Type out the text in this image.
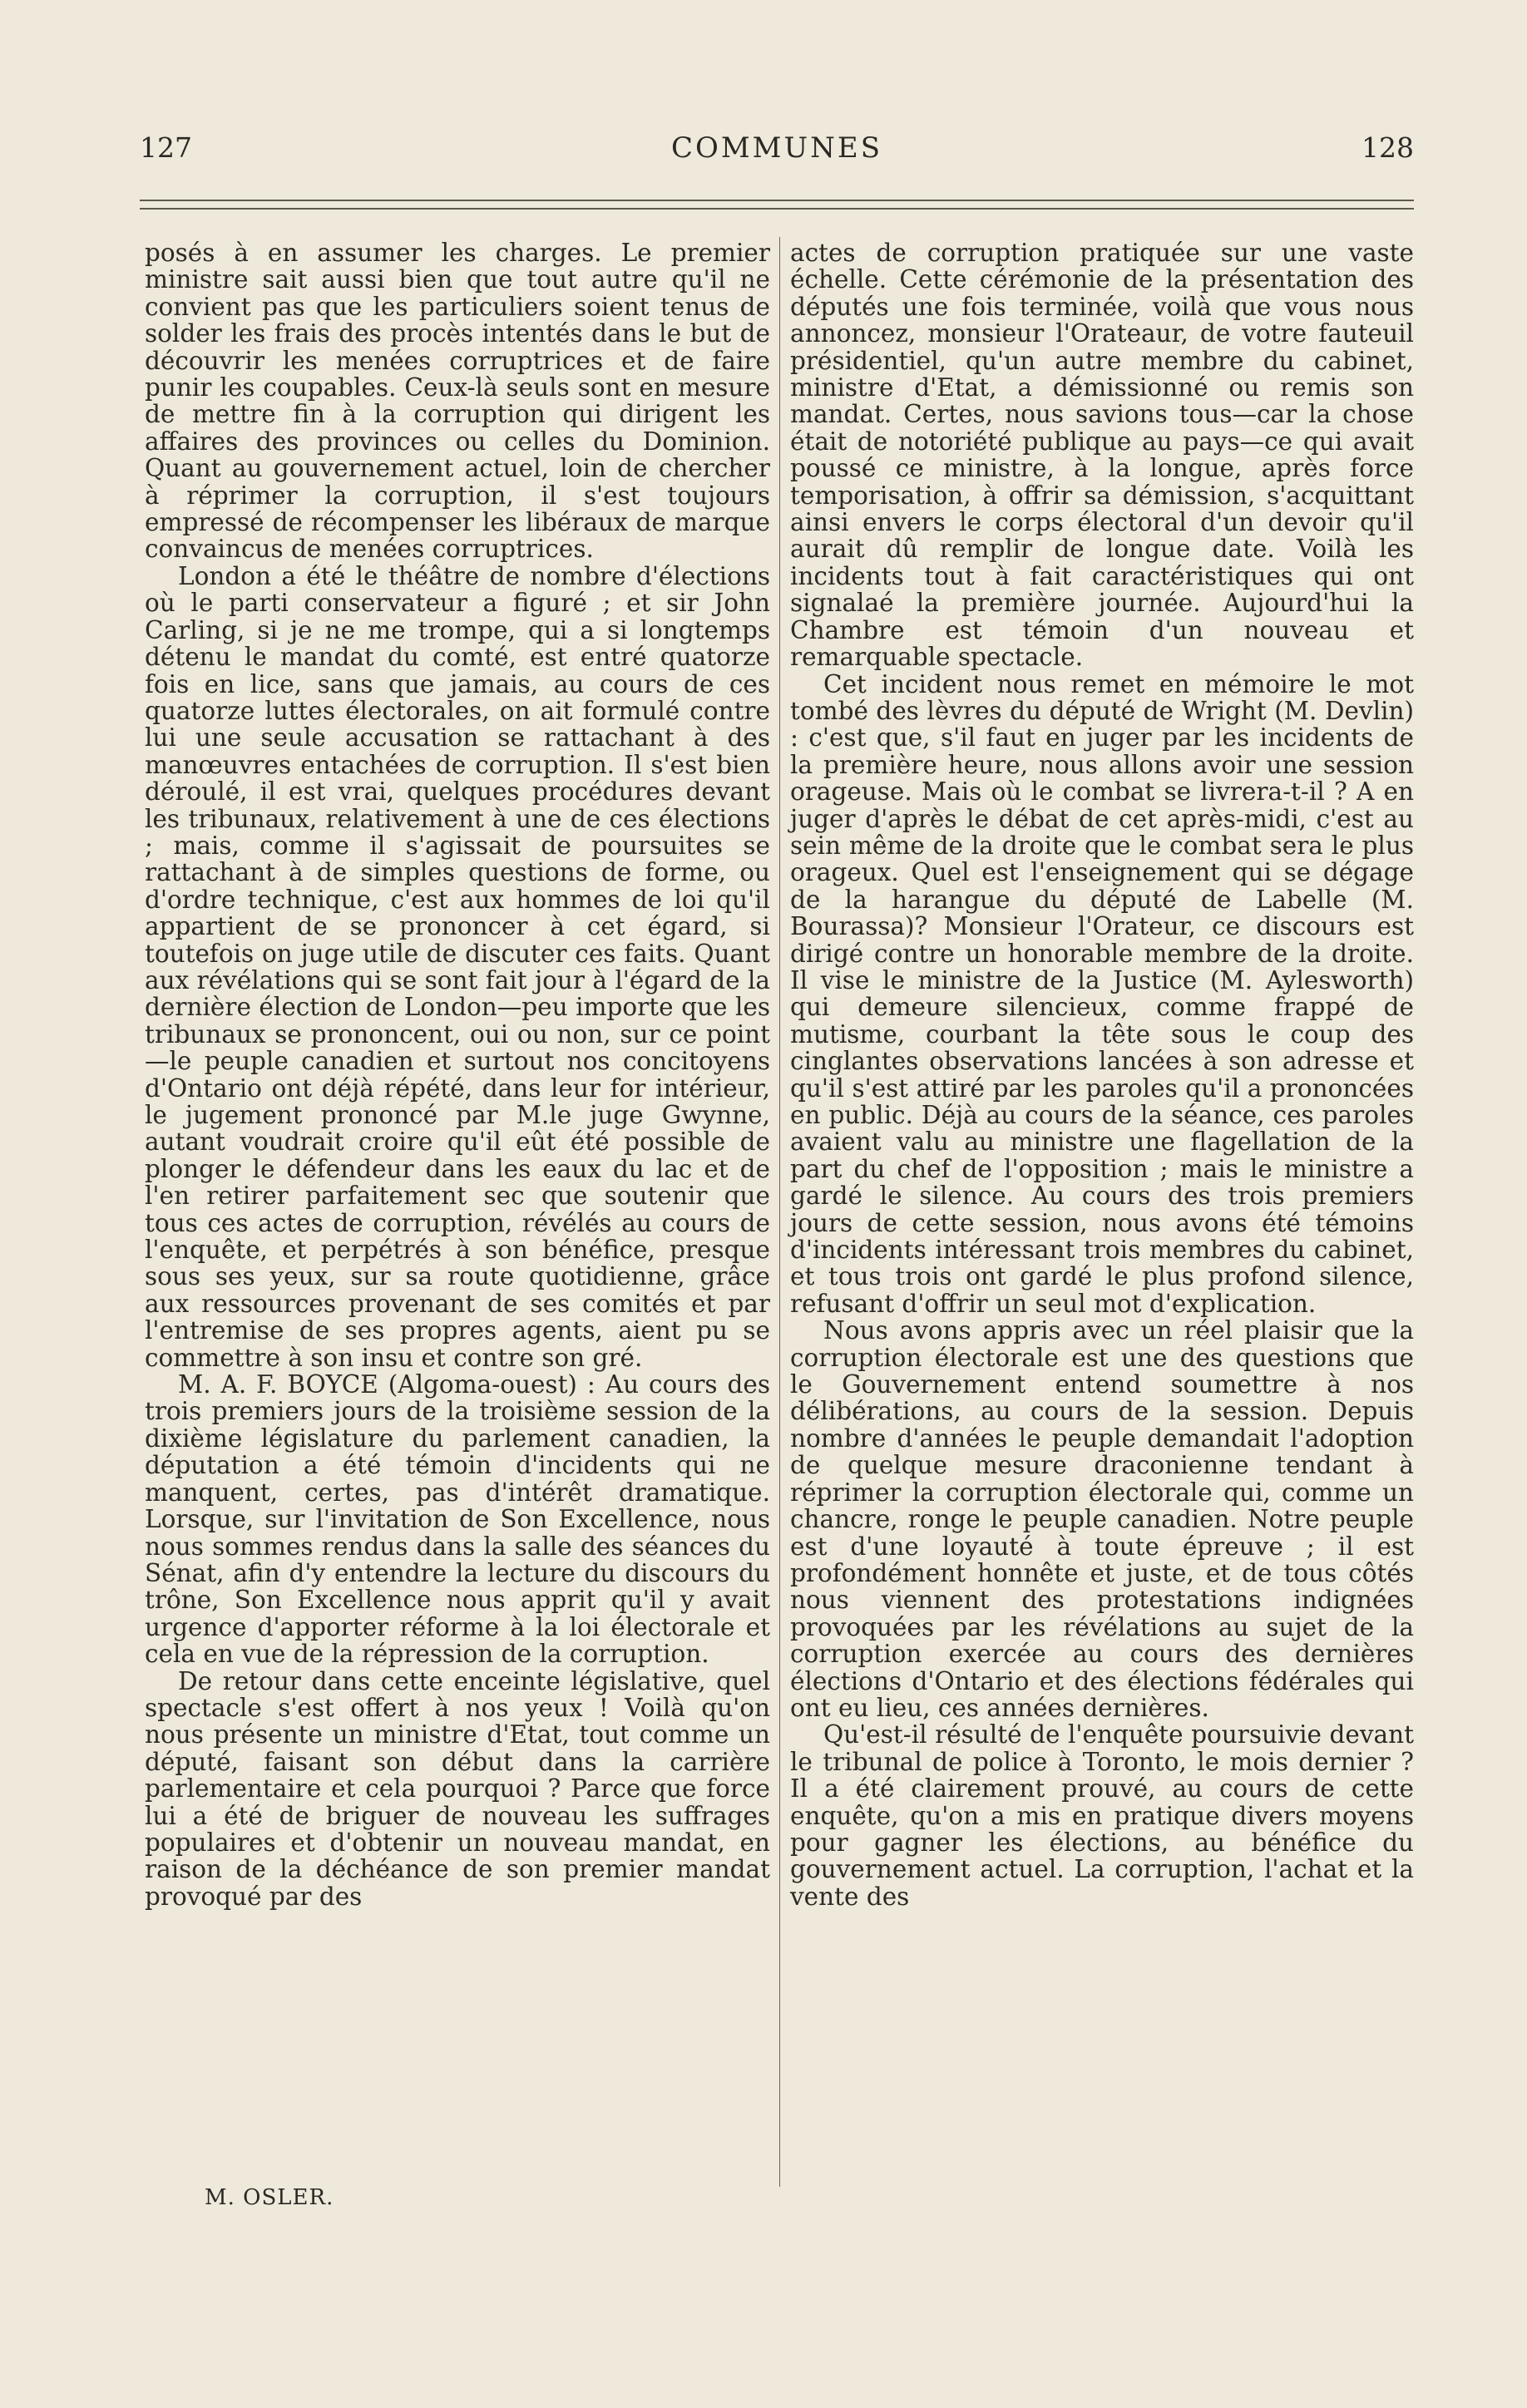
127	COMMUNES	128

posés à en assumer les charges. Le premier ministre sait aussi bien que tout autre qu'il ne convient pas que les particuliers soient tenus de solder les frais des procès intentés dans le but de découvrir les menées corruptrices et de faire punir les coupables. Ceux-là seuls sont en mesure de mettre fin à la corruption qui dirigent les affaires des provinces ou celles du Dominion. Quant au gouvernement actuel, loin de chercher à réprimer la corruption, il s'est toujours empressé de récompenser les libéraux de marque convaincus de menées corruptrices.

London a été le théâtre de nombre d'élections où le parti conservateur a figuré ; et sir John Carling, si je ne me trompe, qui a si longtemps détenu le mandat du comté, est entré quatorze fois en lice, sans que jamais, au cours de ces quatorze luttes électorales, on ait formulé contre lui une seule accusation se rattachant à des manœuvres entachées de corruption. Il s'est bien déroulé, il est vrai, quelques procédures devant les tribunaux, relativement à une de ces élections ; mais, comme il s'agissait de poursuites se rattachant à de simples questions de forme, ou d'ordre technique, c'est aux hommes de loi qu'il appartient de se prononcer à cet égard, si toutefois on juge utile de discuter ces faits. Quant aux révélations qui se sont fait jour à l'égard de la dernière élection de London—peu importe que les tribunaux se prononcent, oui ou non, sur ce point—le peuple canadien et surtout nos concitoyens d'Ontario ont déjà répété, dans leur for intérieur, le jugement prononcé par M.le juge Gwynne, autant voudrait croire qu'il eût été possible de plonger le défendeur dans les eaux du lac et de l'en retirer parfaitement sec que soutenir que tous ces actes de corruption, révélés au cours de l'enquête, et perpétrés à son bénéfice, presque sous ses yeux, sur sa route quotidienne, grâce aux ressources provenant de ses comités et par l'entremise de ses propres agents, aient pu se commettre à son insu et contre son gré.

M. A. F. BOYCE (Algoma-ouest) : Au cours des trois premiers jours de la troisième session de la dixième législature du parlement canadien, la députation a été témoin d'incidents qui ne manquent, certes, pas d'intérêt dramatique. Lorsque, sur l'invitation de Son Excellence, nous nous sommes rendus dans la salle des séances du Sénat, afin d'y entendre la lecture du discours du trône, Son Excellence nous apprit qu'il y avait urgence d'apporter réforme à la loi électorale et cela en vue de la répression de la corruption.

De retour dans cette enceinte législative, quel spectacle s'est offert à nos yeux ! Voilà qu'on nous présente un ministre d'Etat, tout comme un député, faisant son début dans la carrière parlementaire et cela pourquoi ? Parce que force lui a été de briguer de nouveau les suffrages populaires et d'obtenir un nouveau mandat, en raison de la déchéance de son premier mandat provoqué par des

actes de corruption pratiquée sur une vaste échelle. Cette cérémonie de la présentation des députés une fois terminée, voilà que vous nous annoncez, monsieur l'Orateaur, de votre fauteuil présidentiel, qu'un autre membre du cabinet, ministre d'Etat, a démissionné ou remis son mandat. Certes, nous savions tous—car la chose était de notoriété publique au pays—ce qui avait poussé ce ministre, à la longue, après force temporisation, à offrir sa démission, s'acquittant ainsi envers le corps électoral d'un devoir qu'il aurait dû remplir de longue date. Voilà les incidents tout à fait caractéristiques qui ont signalaé la première journée. Aujourd'hui la Chambre est témoin d'un nouveau et remarquable spectacle.

Cet incident nous remet en mémoire le mot tombé des lèvres du député de Wright (M. Devlin) : c'est que, s'il faut en juger par les incidents de la première heure, nous allons avoir une session orageuse. Mais où le combat se livrera-t-il ? A en juger d'après le débat de cet après-midi, c'est au sein même de la droite que le combat sera le plus orageux. Quel est l'enseignement qui se dégage de la harangue du député de Labelle (M. Bourassa)? Monsieur l'Orateur, ce discours est dirigé contre un honorable membre de la droite. Il vise le ministre de la Justice (M. Aylesworth) qui demeure silencieux, comme frappé de mutisme, courbant la tête sous le coup des cinglantes observations lancées à son adresse et qu'il s'est attiré par les paroles qu'il a prononcées en public. Déjà au cours de la séance, ces paroles avaient valu au ministre une flagellation de la part du chef de l'opposition ; mais le ministre a gardé le silence. Au cours des trois premiers jours de cette session, nous avons été témoins d'incidents intéressant trois membres du cabinet, et tous trois ont gardé le plus profond silence, refusant d'offrir un seul mot d'explication.

Nous avons appris avec un réel plaisir que la corruption électorale est une des questions que le Gouvernement entend soumettre à nos délibérations, au cours de la session. Depuis nombre d'années le peuple demandait l'adoption de quelque mesure draconienne tendant à réprimer la corruption électorale qui, comme un chancre, ronge le peuple canadien. Notre peuple est d'une loyauté à toute épreuve ; il est profondément honnête et juste, et de tous côtés nous viennent des protestations indignées provoquées par les révélations au sujet de la corruption exercée au cours des dernières élections d'Ontario et des élections fédérales qui ont eu lieu, ces années dernières.

Qu'est-il résulté de l'enquête poursuivie devant le tribunal de police à Toronto, le mois dernier ? Il a été clairement prouvé, au cours de cette enquête, qu'on a mis en pratique divers moyens pour gagner les élections, au bénéfice du gouvernement actuel. La corruption, l'achat et la vente des

M. OSLER.
